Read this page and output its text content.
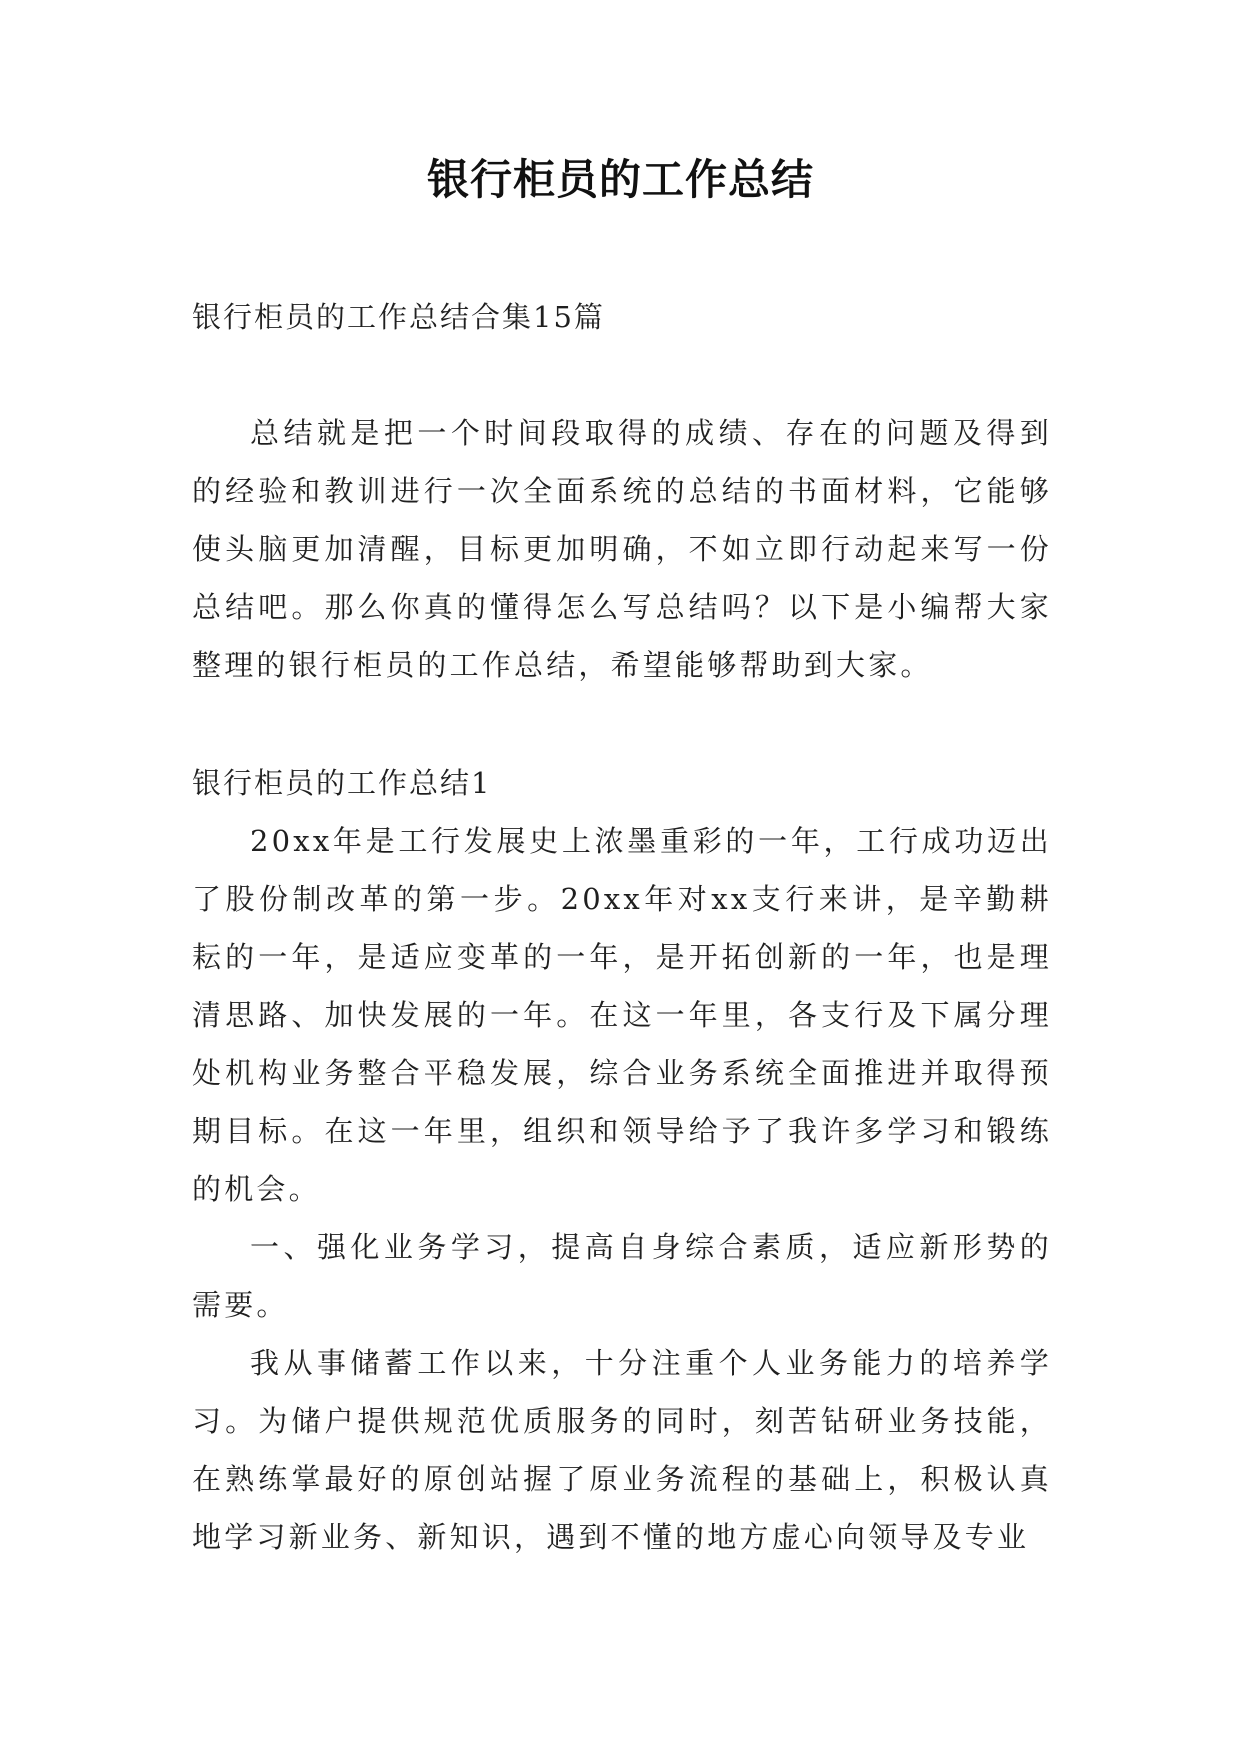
银行柜员的工作总结
银行柜员的工作总结合集15篇

总结就是把一个时间段取得的成绩、存在的问题及得到的经验和教训进行一次全面系统的总结的书面材料，它能够使头脑更加清醒，目标更加明确，不如立即行动起来写一份总结吧。那么你真的懂得怎么写总结吗？以下是小编帮大家整理的银行柜员的工作总结，希望能够帮助到大家。

银行柜员的工作总结1

20xx年是工行发展史上浓墨重彩的一年，工行成功迈出了股份制改革的第一步。20xx年对xx支行来讲，是辛勤耕耘的一年，是适应变革的一年，是开拓创新的一年，也是理清思路、加快发展的一年。在这一年里，各支行及下属分理处机构业务整合平稳发展，综合业务系统全面推进并取得预期目标。在这一年里，组织和领导给予了我许多学习和锻练的机会。

一、强化业务学习，提高自身综合素质，适应新形势的需要。

我从事储蓄工作以来，十分注重个人业务能力的培养学习。为储户提供规范优质服务的同时，刻苦钻研业务技能，在熟练掌最好的原创站握了原业务流程的基础上，积极认真地学习新业务、新知识，遇到不懂的地方虚心向领导及专业
